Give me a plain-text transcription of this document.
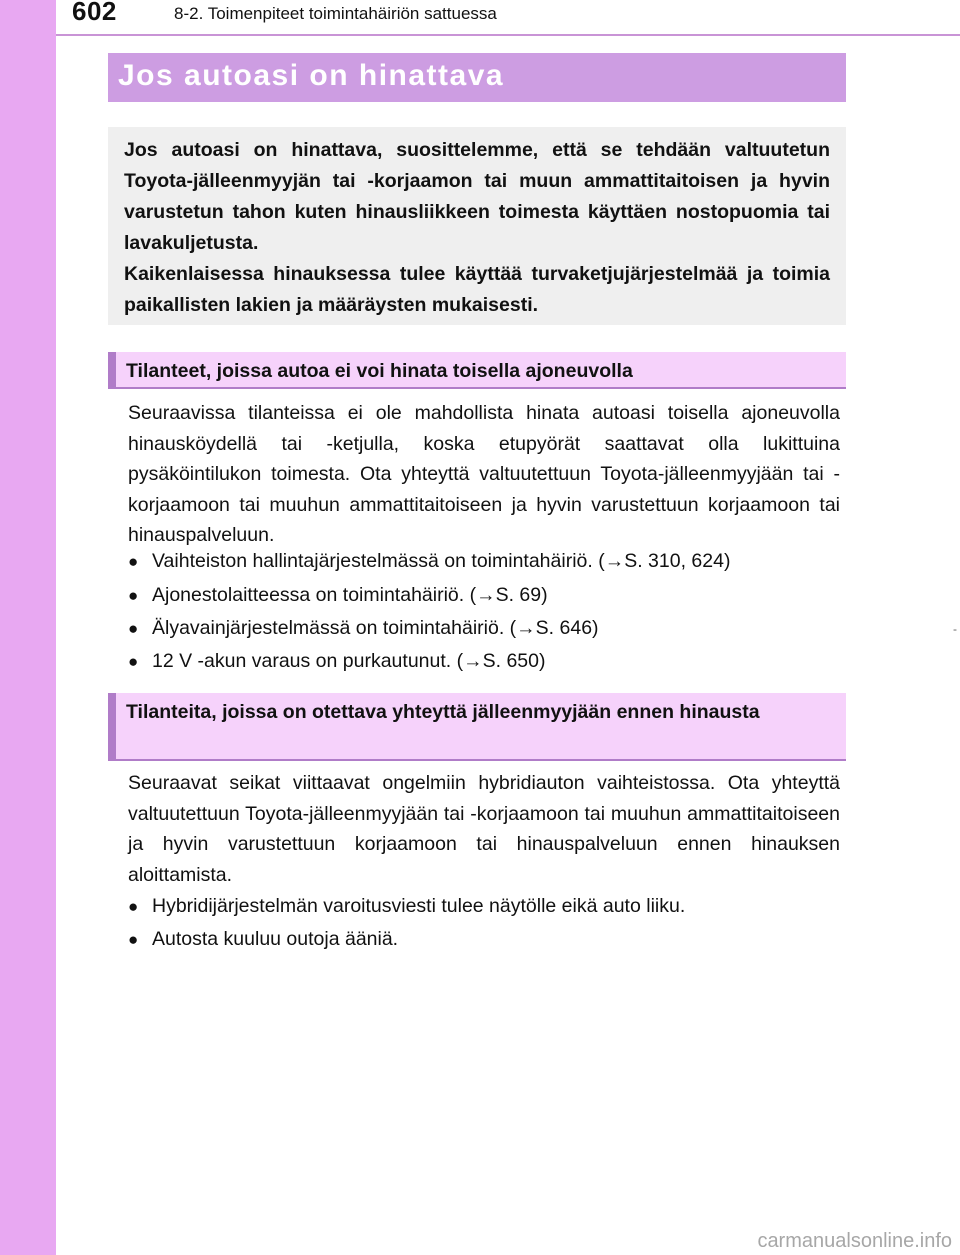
602	8-2. Toimenpiteet toimintahäiriön sattuessa
Jos autoasi on hinattava

Jos autoasi on hinattava, suosittelemme, että se tehdään valtuutetun Toyota-jälleenmyyjän tai -korjaamon tai muun ammattitaitoisen ja hyvin varustetun tahon kuten hinausliikkeen toimesta käyttäen nostopuomia tai lavakuljetusta.

Kaikenlaisessa hinauksessa tulee käyttää turvaketjujärjestelmää ja toimia paikallisten lakien ja määräysten mukaisesti.

Tilanteet, joissa autoa ei voi hinata toisella ajoneuvolla
Seuraavissa tilanteissa ei ole mahdollista hinata autoasi toisella ajoneuvolla hinausköydellä tai -ketjulla, koska etupyörät saattavat olla lukittuina pysäköintilukon toimesta. Ota yhteyttä valtuutettuun Toyota-jälleenmyyjään tai -korjaamoon tai muuhun ammattitaitoiseen ja hyvin varustettuun korjaamoon tai hinauspalveluun.
● Vaihteiston hallintajärjestelmässä on toimintahäiriö. (→S. 310, 624)
● Ajonestolaitteessa on toimintahäiriö. (→S. 69)
● Älyavainjärjestelmässä on toimintahäiriö. (→S. 646)
● 12 V -akun varaus on purkautunut. (→S. 650)
Tilanteita, joissa on otettava yhteyttä jälleenmyyjään ennen hinausta
Seuraavat seikat viittaavat ongelmiin hybridiauton vaihteistossa. Ota yhteyttä valtuutettuun Toyota-jälleenmyyjään tai -korjaamoon tai muuhun ammattitaitoiseen ja hyvin varustettuun korjaamoon tai hinauspalveluun ennen hinauksen aloittamista.
● Hybridijärjestelmän varoitusviesti tulee näytölle eikä auto liiku.
● Autosta kuuluu outoja ääniä.
-
carmanualsonline.info
